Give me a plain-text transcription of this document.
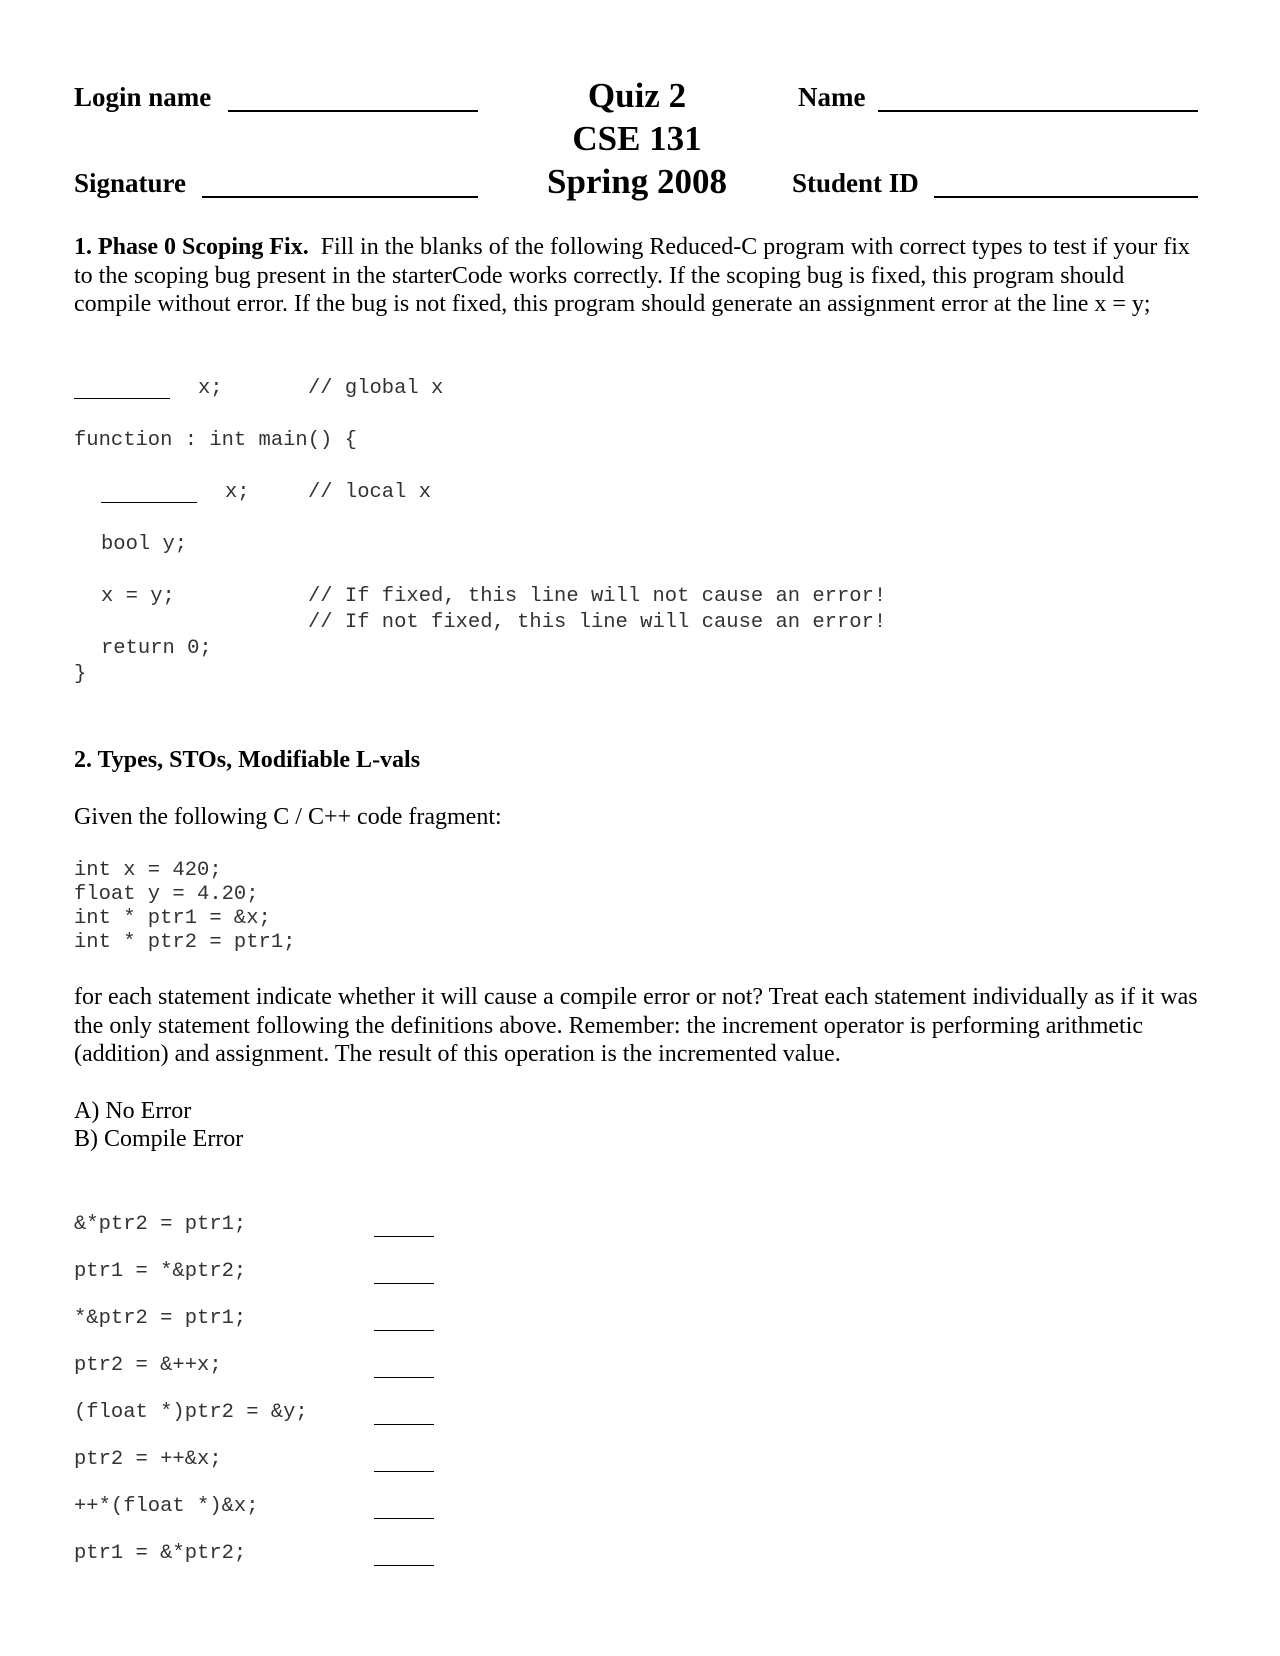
Login name
Signature
Quiz 2
CSE 131
Spring 2008
Name
Student ID
1. Phase 0 Scoping Fix. Fill in the blanks of the following Reduced-C program with correct types to test if your fix to the scoping bug present in the starterCode works correctly. If the scoping bug is fixed, this program should compile without error. If the bug is not fixed, this program should generate an assignment error at the line x = y;
x;	// global x
function : int main() {
x;	// local x
bool y;
x = y;	// If fixed, this line will not cause an error!
// If not fixed, this line will cause an error!
return 0;
}
2. Types, STOs, Modifiable L-vals
Given the following C / C++ code fragment:
int x = 420;
float y = 4.20;
int * ptr1 = &x;
int * ptr2 = ptr1;
for each statement indicate whether it will cause a compile error or not? Treat each statement individually as if it was the only statement following the definitions above. Remember: the increment operator is performing arithmetic (addition) and assignment. The result of this operation is the incremented value.
A) No Error
B) Compile Error
&*ptr2 = ptr1;
ptr1 = *&ptr2;
*&ptr2 = ptr1;
ptr2 = &++x;
(float *)ptr2 = &y;
ptr2 = ++&x;
++*(float *)&x;
ptr1 = &*ptr2;
